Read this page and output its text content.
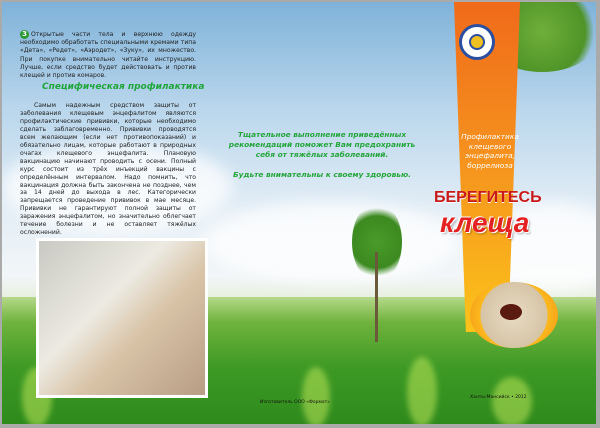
3 Открытые части тела и верхнюю одежду необходимо обработать специальными кремами типа «Дета», «Редет», «Аэродет», «Зуку», их множество. При покупке внимательно читайте инструкцию. Лучше, если средство будет действовать и против клещей и против комаров.
Специфическая профилактика
Самым надежным средством защиты от заболевания клещевым энцефалитом являются профилактические прививки, которые необходимо сделать заблаговременно. Прививки проводятся всем желающим (если нет противопоказаний) и обязательно лицам, которые работают в природных очагах клещевого энцефалита. Плановую вакцинацию начинают проводить с осени. Полный курс состоит из трёх инъекций вакцины с определённым интервалом. Надо помнить, что вакцинация должна быть закончена не позднее, чем за 14 дней до выхода в лес. Категорически запрещается проведение прививок в мае месяце. Прививки не гарантируют полной защиты от заражения энцефалитом, но значительно облегчает течение болезни и не оставляет тяжёлых осложнений.
Тщательное выполнение приведённых рекомендаций поможет Вам предохранить себя от тяжёлых заболеваний.
Будьте внимательны к своему здоровью.
Изготовитель ООО «Формат»
Профилактика клещевого энцефалита, боррелиоза
БЕРЕГИТЕСЬ
клеща
Ханты-Мансийск • 2012
